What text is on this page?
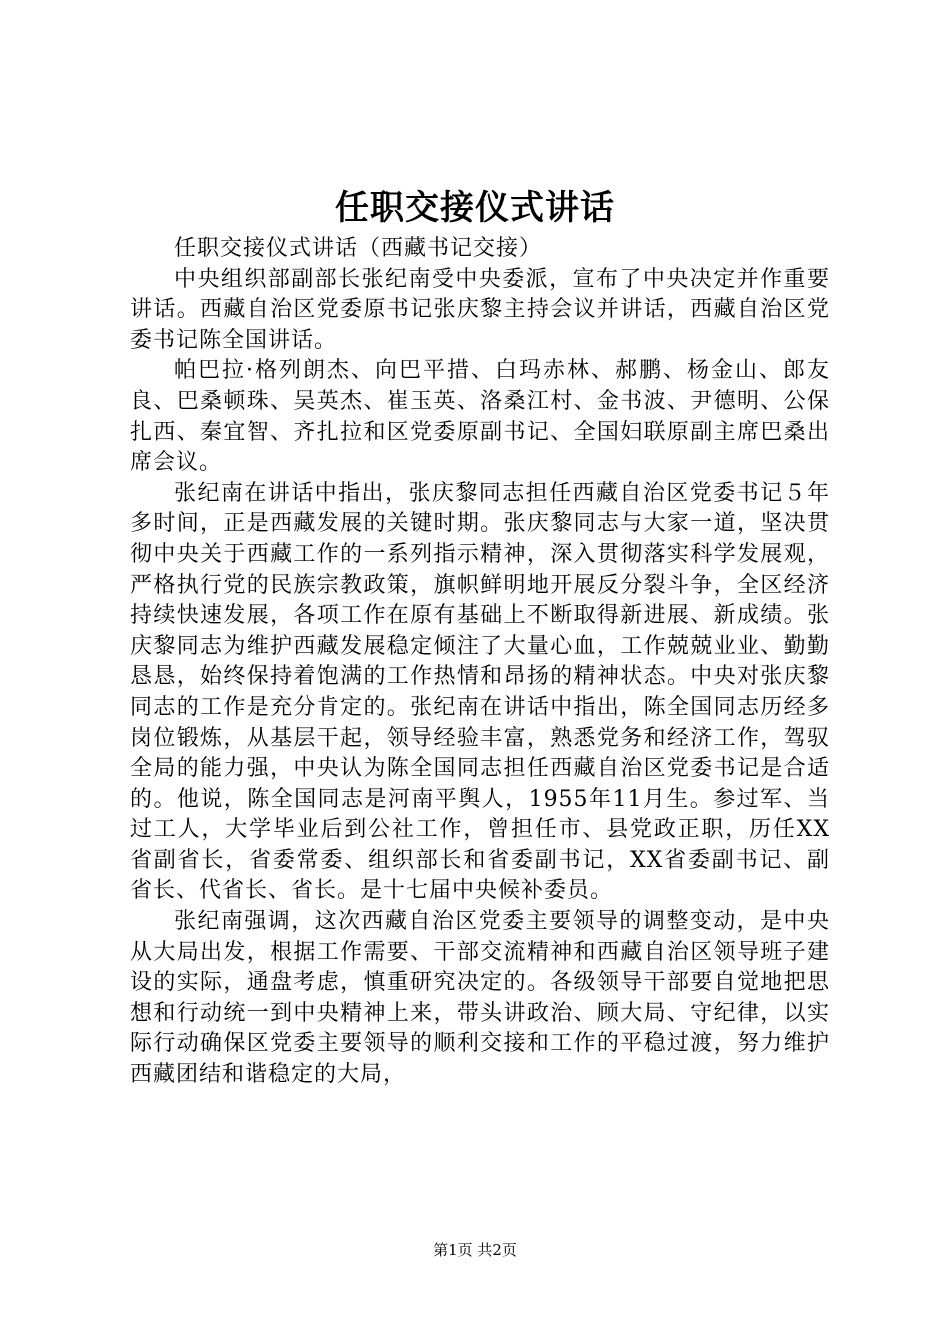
任职交接仪式讲话

任职交接仪式讲话（西藏书记交接）

中央组织部副部长张纪南受中央委派，宣布了中央决定并作重要讲话。西藏自治区党委原书记张庆黎主持会议并讲话，西藏自治区党委书记陈全国讲话。

帕巴拉·格列朗杰、向巴平措、白玛赤林、郝鹏、杨金山、郎友良、巴桑顿珠、吴英杰、崔玉英、洛桑江村、金书波、尹德明、公保扎西、秦宜智、齐扎拉和区党委原副书记、全国妇联原副主席巴桑出席会议。

张纪南在讲话中指出，张庆黎同志担任西藏自治区党委书记５年多时间，正是西藏发展的关键时期。张庆黎同志与大家一道，坚决贯彻中央关于西藏工作的一系列指示精神，深入贯彻落实科学发展观，严格执行党的民族宗教政策，旗帜鲜明地开展反分裂斗争，全区经济持续快速发展，各项工作在原有基础上不断取得新进展、新成绩。张庆黎同志为维护西藏发展稳定倾注了大量心血，工作兢兢业业、勤勤恳恳，始终保持着饱满的工作热情和昂扬的精神状态。中央对张庆黎同志的工作是充分肯定的。张纪南在讲话中指出，陈全国同志历经多岗位锻炼，从基层干起，领导经验丰富，熟悉党务和经济工作，驾驭全局的能力强，中央认为陈全国同志担任西藏自治区党委书记是合适的。他说，陈全国同志是河南平舆人，1955年11月生。参过军、当过工人，大学毕业后到公社工作，曾担任市、县党政正职，历任XX省副省长，省委常委、组织部长和省委副书记，XX省委副书记、副省长、代省长、省长。是十七届中央候补委员。

张纪南强调，这次西藏自治区党委主要领导的调整变动，是中央从大局出发，根据工作需要、干部交流精神和西藏自治区领导班子建设的实际，通盘考虑，慎重研究决定的。各级领导干部要自觉地把思想和行动统一到中央精神上来，带头讲政治、顾大局、守纪律，以实际行动确保区党委主要领导的顺利交接和工作的平稳过渡，努力维护西藏团结和谐稳定的大局，

第1页 共2页
